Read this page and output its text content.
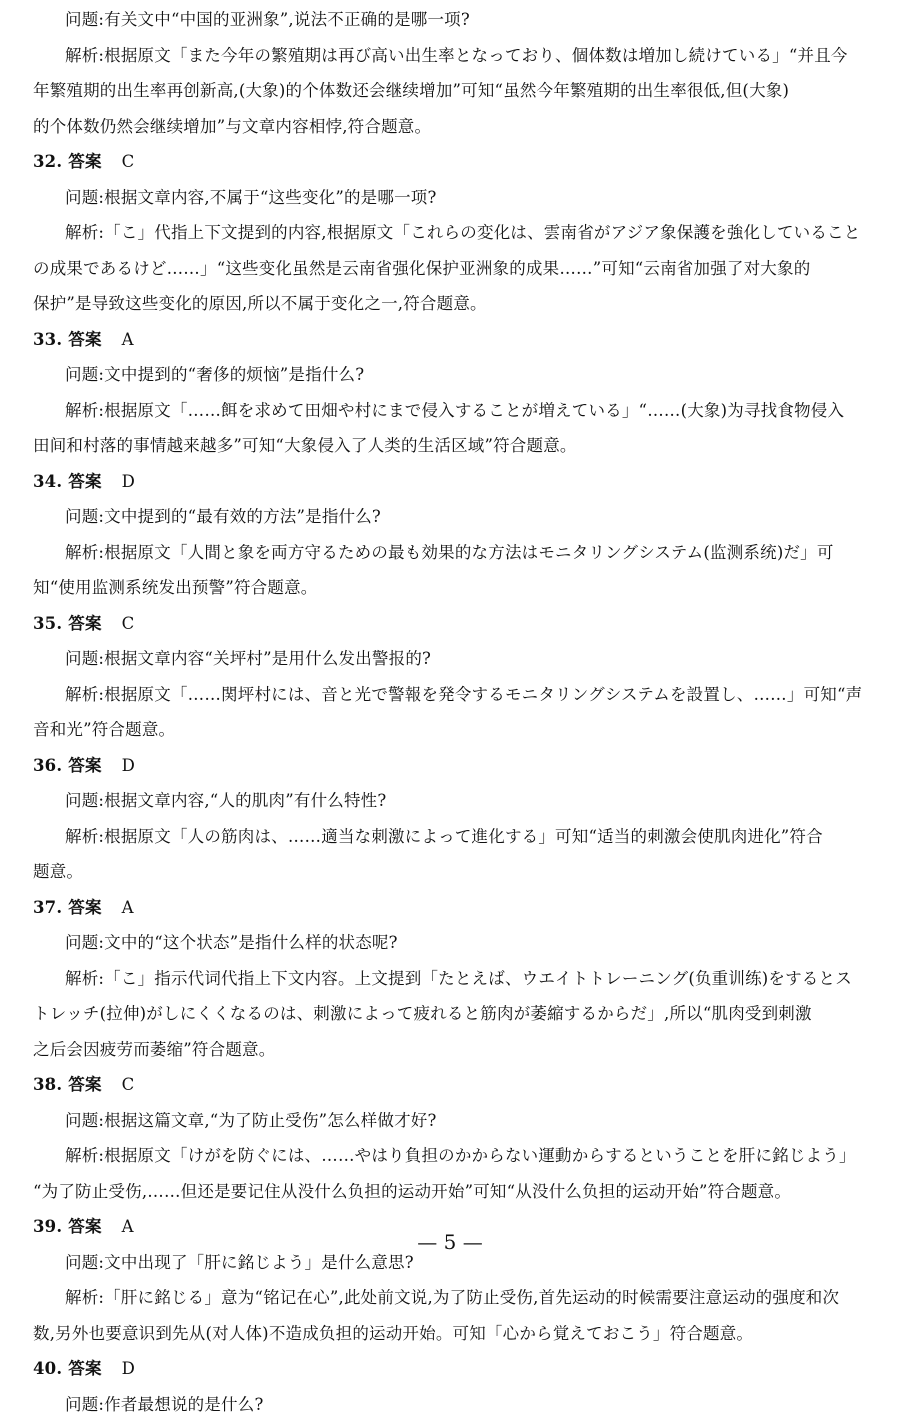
问题:有关文中“中国的亚洲象”,说法不正确的是哪一项?
解析:根据原文「また今年の繁殖期は再び高い出生率となっており、個体数は増加し続けている」“并且今
年繁殖期的出生率再创新高,(大象)的个体数还会继续增加”可知“虽然今年繁殖期的出生率很低,但(大象)
的个体数仍然会继续增加”与文章内容相悖,符合题意。
32. 答案 C
问题:根据文章内容,不属于“这些变化”的是哪一项?
解析:「こ」代指上下文提到的内容,根据原文「これらの変化は、雲南省がアジア象保護を強化していること
の成果であるけど……」“这些变化虽然是云南省强化保护亚洲象的成果……”可知“云南省加强了对大象的
保护”是导致这些变化的原因,所以不属于变化之一,符合题意。
33. 答案 A
问题:文中提到的“奢侈的烦恼”是指什么?
解析:根据原文「……餌を求めて田畑や村にまで侵入することが増えている」“……(大象)为寻找食物侵入
田间和村落的事情越来越多”可知“大象侵入了人类的生活区域”符合题意。
34. 答案 D
问题:文中提到的“最有效的方法”是指什么?
解析:根据原文「人間と象を両方守るための最も効果的な方法はモニタリングシステム(监测系统)だ」可
知“使用监测系统发出预警”符合题意。
35. 答案 C
问题:根据文章内容“关坪村”是用什么发出警报的?
解析:根据原文「……関坪村には、音と光で警報を発令するモニタリングシステムを設置し、……」可知“声
音和光”符合题意。
36. 答案 D
问题:根据文章内容,“人的肌肉”有什么特性?
解析:根据原文「人の筋肉は、……適当な刺激によって進化する」可知“适当的刺激会使肌肉进化”符合
题意。
37. 答案 A
问题:文中的“这个状态”是指什么样的状态呢?
解析:「こ」指示代词代指上下文内容。上文提到「たとえば、ウエイトトレーニング(负重训练)をするとス
トレッチ(拉伸)がしにくくなるのは、刺激によって疲れると筋肉が萎縮するからだ」,所以“肌肉受到刺激
之后会因疲劳而萎缩”符合题意。
38. 答案 C
问题:根据这篇文章,“为了防止受伤”怎么样做才好?
解析:根据原文「けがを防ぐには、……やはり負担のかからない運動からするということを肝に銘じよう」
“为了防止受伤,……但还是要记住从没什么负担的运动开始”可知“从没什么负担的运动开始”符合题意。
39. 答案 A
问题:文中出现了「肝に銘じよう」是什么意思?
解析:「肝に銘じる」意为“铭记在心”,此处前文说,为了防止受伤,首先运动的时候需要注意运动的强度和次
数,另外也要意识到先从(对人体)不造成负担的运动开始。可知「心から覚えておこう」符合题意。
40. 答案 D
问题:作者最想说的是什么?
— 5 —
